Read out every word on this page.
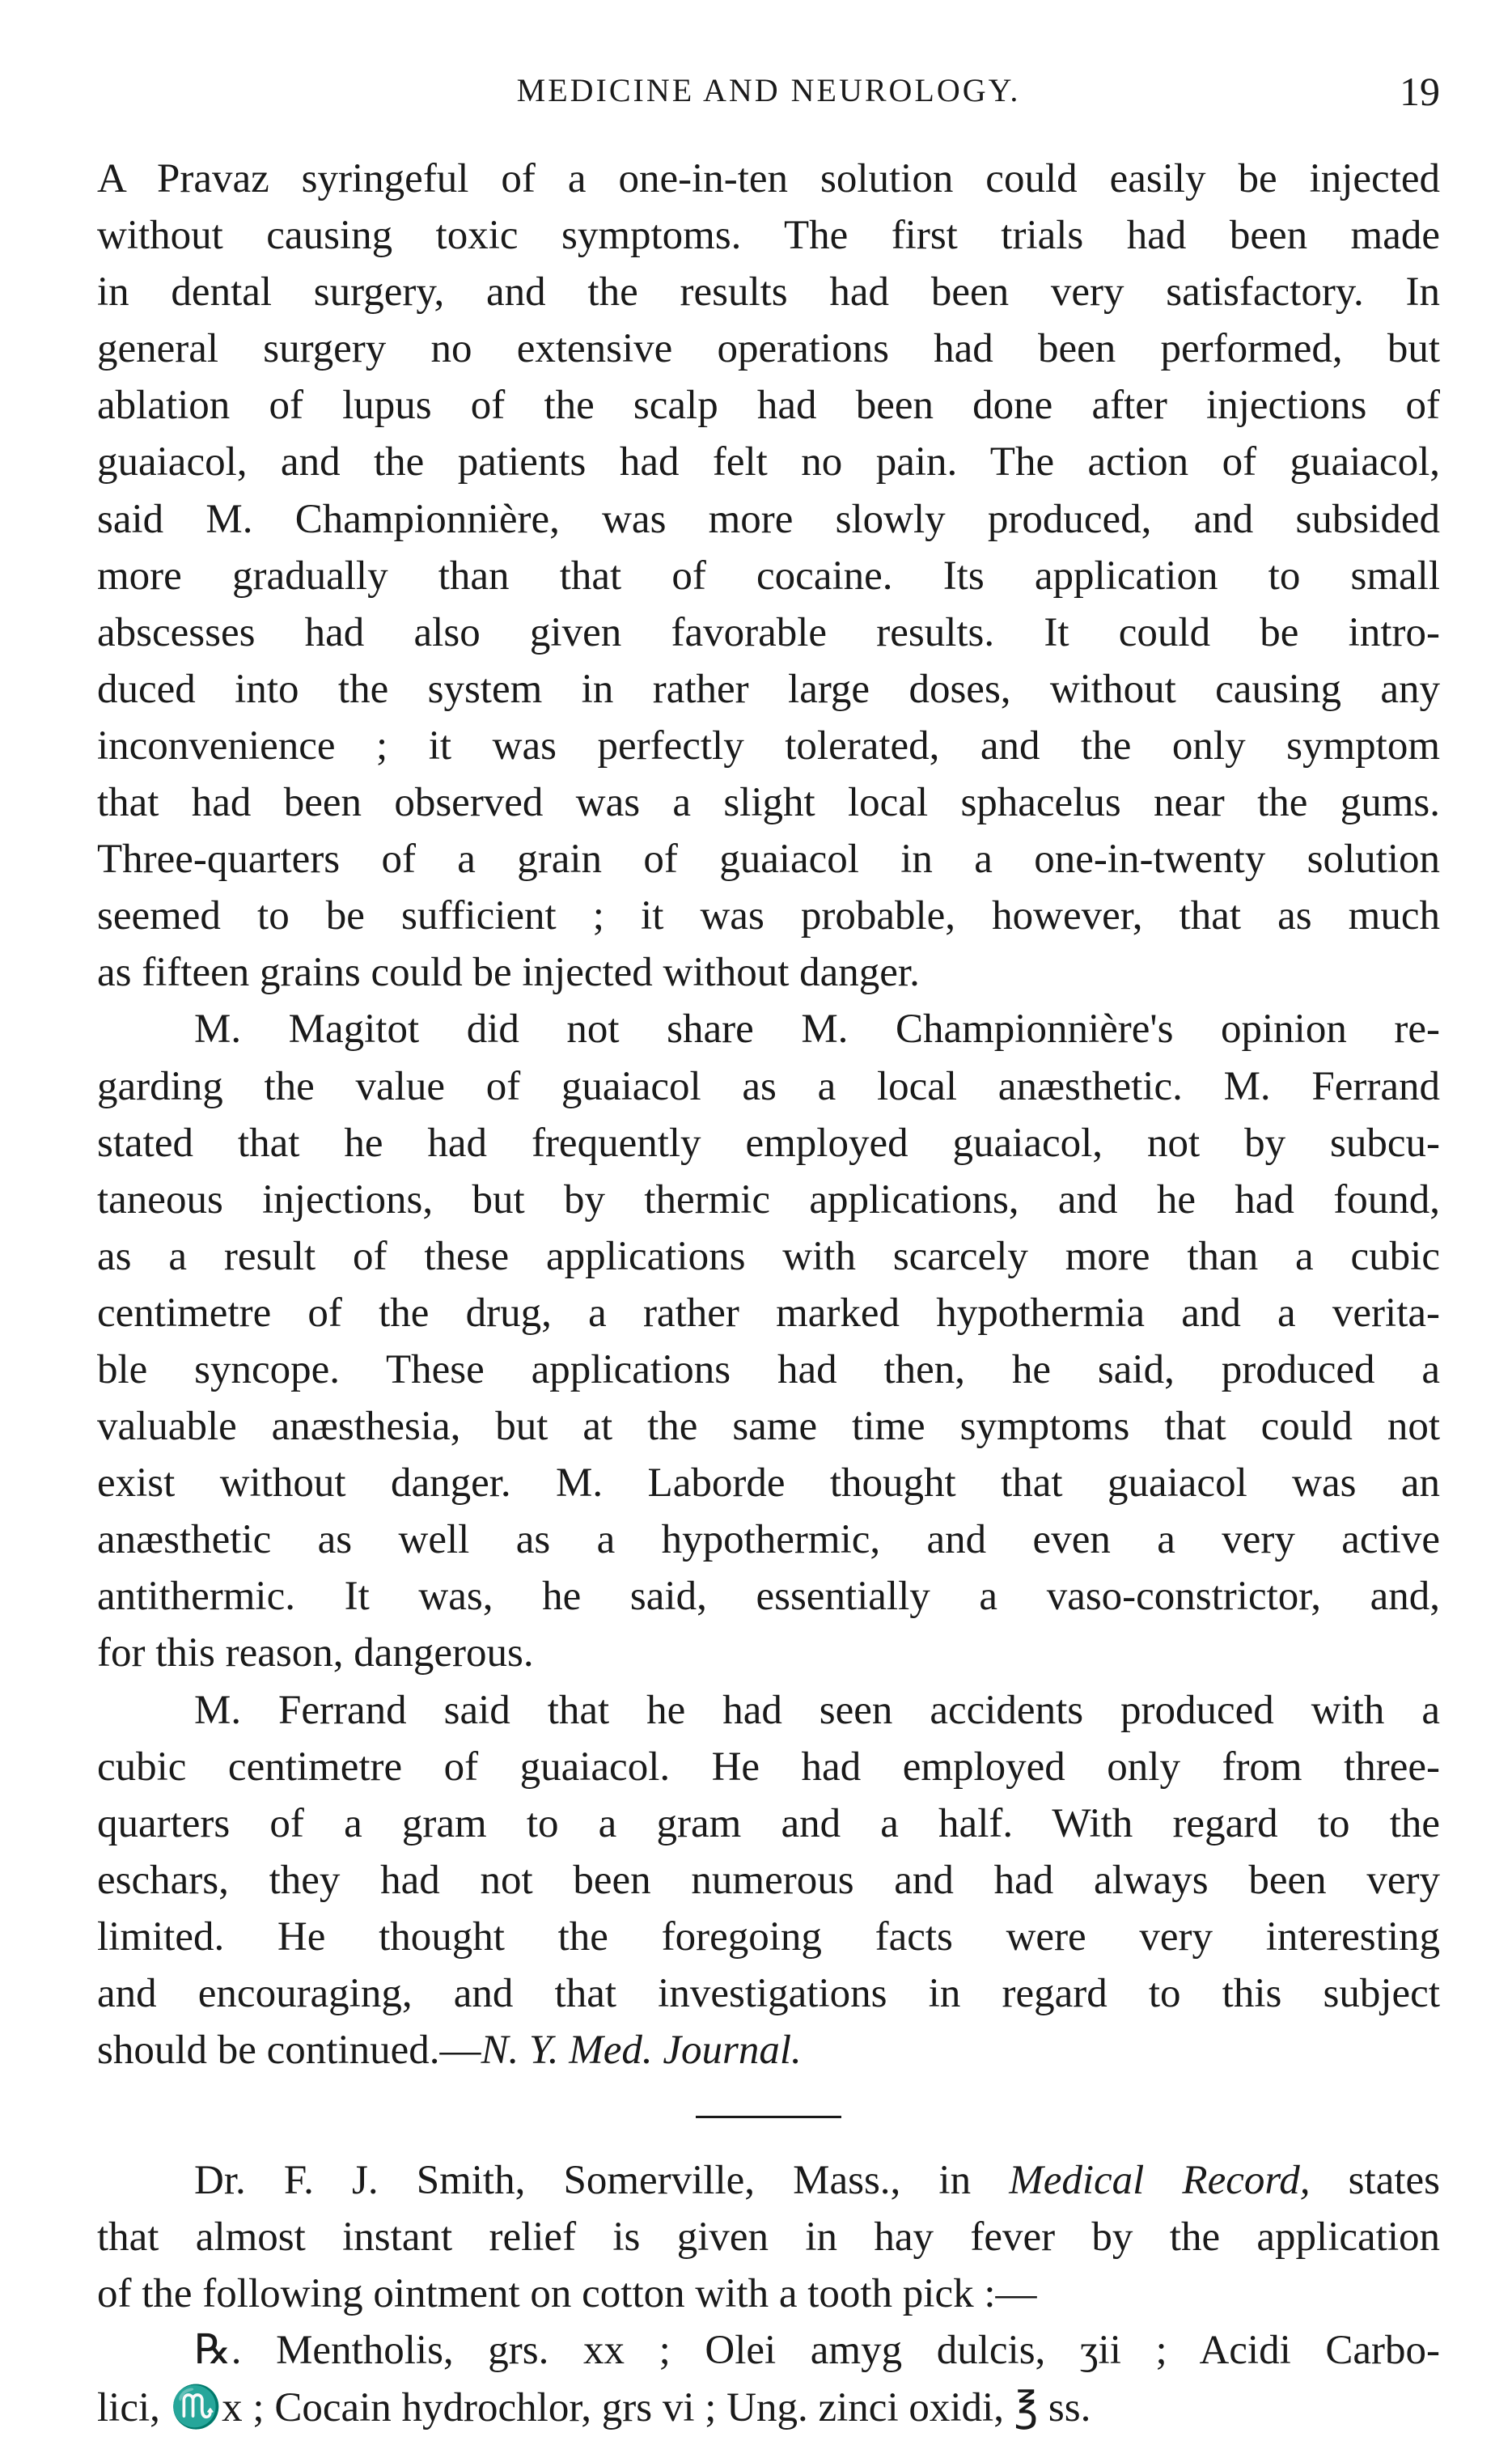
MEDICINE AND NEUROLOGY.	19
A Pravaz syringeful of a one-in-ten solution could easily be injected
without causing toxic symptoms. The first trials had been made
in dental surgery, and the results had been very satisfactory. In
general surgery no extensive operations had been performed, but
ablation of lupus of the scalp had been done after injections of
guaiacol, and the patients had felt no pain. The action of guaiacol,
said M. Championnière, was more slowly produced, and subsided
more gradually than that of cocaine. Its application to small
abscesses had also given favorable results. It could be intro-
duced into the system in rather large doses, without causing any
inconvenience ; it was perfectly tolerated, and the only symptom
that had been observed was a slight local sphacelus near the gums.
Three-quarters of a grain of guaiacol in a one-in-twenty solution
seemed to be sufficient ; it was probable, however, that as much
as fifteen grains could be injected without danger.
M. Magitot did not share M. Championnière's opinion re-
garding the value of guaiacol as a local anæsthetic. M. Ferrand
stated that he had frequently employed guaiacol, not by subcu-
taneous injections, but by thermic applications, and he had found,
as a result of these applications with scarcely more than a cubic
centimetre of the drug, a rather marked hypothermia and a verita-
ble syncope. These applications had then, he said, produced a
valuable anæsthesia, but at the same time symptoms that could not
exist without danger. M. Laborde thought that guaiacol was an
anæsthetic as well as a hypothermic, and even a very active
antithermic. It was, he said, essentially a vaso-constrictor, and,
for this reason, dangerous.
M. Ferrand said that he had seen accidents produced with a
cubic centimetre of guaiacol. He had employed only from three-
quarters of a gram to a gram and a half. With regard to the
eschars, they had not been numerous and had always been very
limited. He thought the foregoing facts were very interesting
and encouraging, and that investigations in regard to this subject
should be continued.—N. Y. Med. Journal.
Dr. F. J. Smith, Somerville, Mass., in Medical Record, states
that almost instant relief is given in hay fever by the application
of the following ointment on cotton with a tooth pick :—
℞. Mentholis, grs. xx ; Olei amyg dulcis, ʒii ; Acidi Carbo-
lici, ♏x ; Cocain hydrochlor, grs vi ; Ung. zinci oxidi, ℥ ss.
